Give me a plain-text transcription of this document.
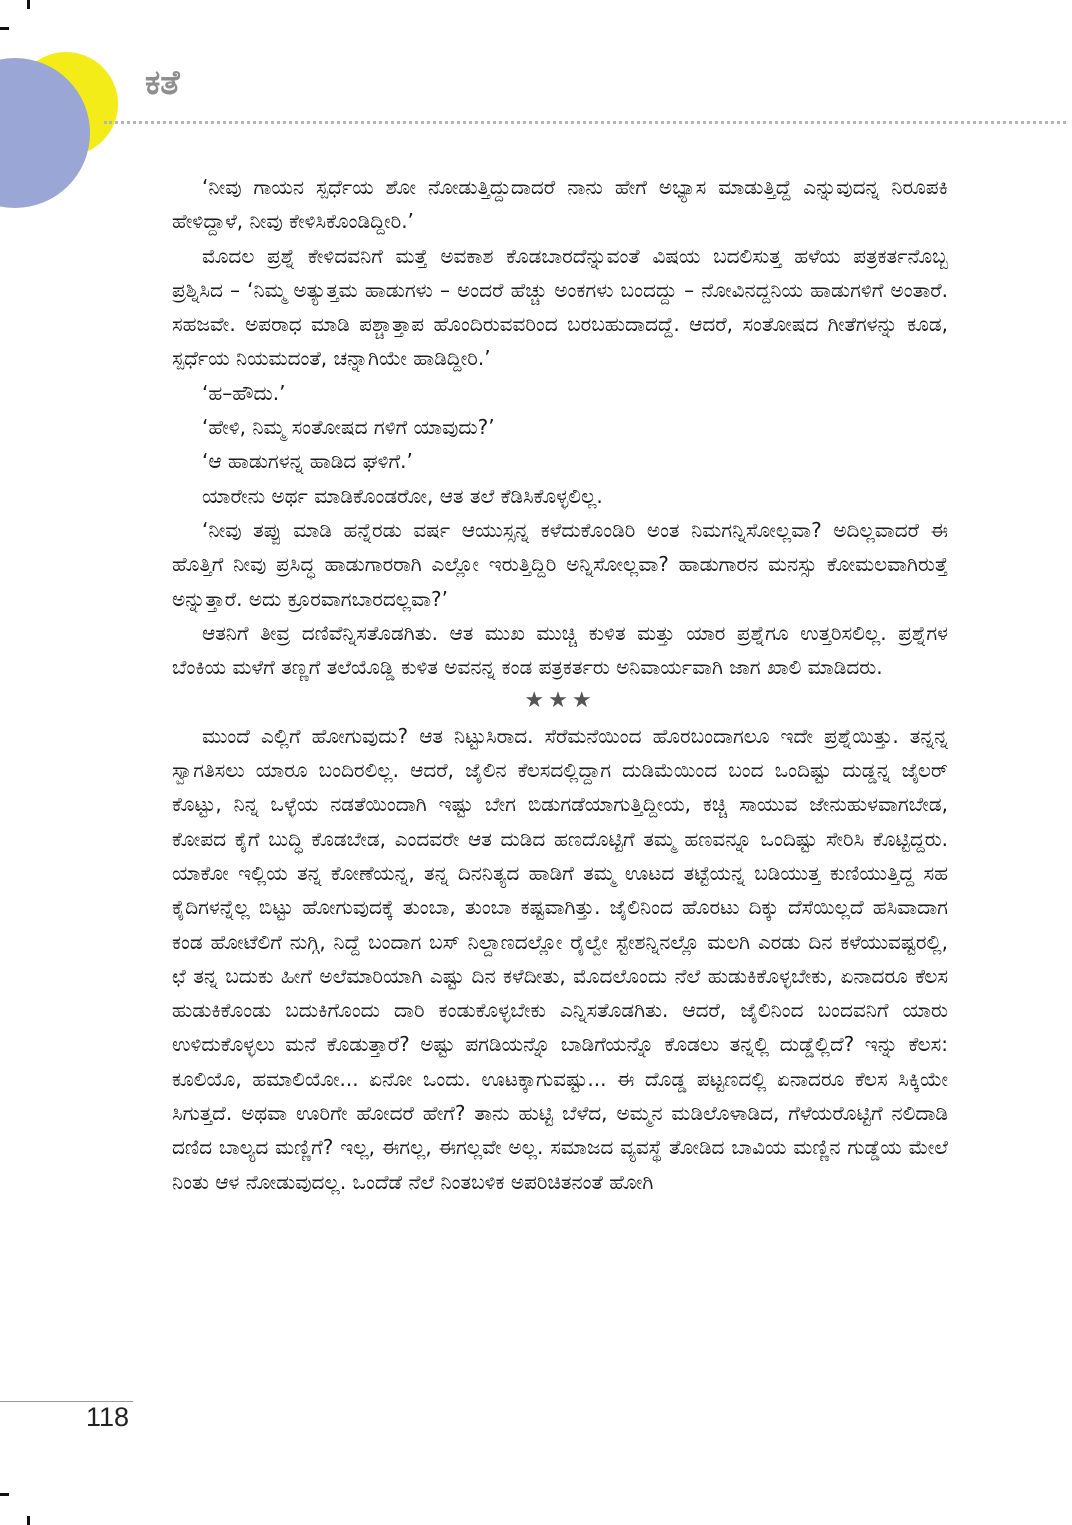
ಕತೆ

‘ನೀವು ಗಾಯನ ಸ್ಪರ್ಧೆಯ ಶೋ ನೋಡುತ್ತಿದ್ದುದಾದರೆ ನಾನು ಹೇಗೆ ಅಭ್ಯಾಸ ಮಾಡುತ್ತಿದ್ದೆ ಎನ್ನುವುದನ್ನ ನಿರೂಪಕಿ ಹೇಳಿದ್ದಾಳೆ, ನೀವು ಕೇಳಿಸಿಕೊಂಡಿದ್ದೀರಿ.’

ಮೊದಲ ಪ್ರಶ್ನೆ ಕೇಳಿದವನಿಗೆ ಮತ್ತೆ ಅವಕಾಶ ಕೊಡಬಾರದೆನ್ನುವಂತೆ ವಿಷಯ ಬದಲಿಸುತ್ತ ಹಳೆಯ ಪತ್ರಕರ್ತನೊಬ್ಬ ಪ್ರಶ್ನಿಸಿದ – ‘ನಿಮ್ಮ ಅತ್ಯುತ್ತಮ ಹಾಡುಗಳು – ಅಂದರೆ ಹೆಚ್ಚು ಅಂಕಗಳು ಬಂದದ್ದು – ನೋವಿನದ್ದನಿಯ ಹಾಡುಗಳಿಗೆ ಅಂತಾರೆ. ಸಹಜವೇ. ಅಪರಾಧ ಮಾಡಿ ಪಶ್ಚಾತ್ತಾಪ ಹೊಂದಿರುವವರಿಂದ ಬರಬಹುದಾದದ್ದೆ. ಆದರೆ, ಸಂತೋಷದ ಗೀತೆಗಳನ್ನು ಕೂಡ, ಸ್ಪರ್ಧೆಯ ನಿಯಮದಂತೆ, ಚನ್ನಾಗಿಯೇ ಹಾಡಿದ್ದೀರಿ.’

‘ಹ–ಹೌದು.’

‘ಹೇಳಿ, ನಿಮ್ಮ ಸಂತೋಷದ ಗಳಿಗೆ ಯಾವುದು?’

‘ಆ ಹಾಡುಗಳನ್ನ ಹಾಡಿದ ಘಳಿಗೆ.’

ಯಾರೇನು ಅರ್ಥ ಮಾಡಿಕೊಂಡರೋ, ಆತ ತಲೆ ಕೆಡಿಸಿಕೊಳ್ಳಲಿಲ್ಲ.

‘ನೀವು ತಪ್ಪು ಮಾಡಿ ಹನ್ನೆರಡು ವರ್ಷ ಆಯುಸ್ಸನ್ನ ಕಳೆದುಕೊಂಡಿರಿ ಅಂತ ನಿಮಗನ್ನಿಸೋಲ್ಲವಾ? ಅದಿಲ್ಲವಾದರೆ ಈ ಹೊತ್ತಿಗೆ ನೀವು ಪ್ರಸಿದ್ಧ ಹಾಡುಗಾರರಾಗಿ ಎಲ್ಲೋ ಇರುತ್ತಿದ್ದಿರಿ ಅನ್ನಿಸೋಲ್ಲವಾ? ಹಾಡುಗಾರನ ಮನಸ್ಸು ಕೋಮಲವಾಗಿರುತ್ತೆ ಅನ್ನುತ್ತಾರೆ. ಅದು ಕ್ರೂರವಾಗಬಾರದಲ್ಲವಾ?’

ಆತನಿಗೆ ತೀವ್ರ ದಣಿವೆನ್ನಿಸತೊಡಗಿತು. ಆತ ಮುಖ ಮುಚ್ಚಿ ಕುಳಿತ ಮತ್ತು ಯಾರ ಪ್ರಶ್ನೆಗೂ ಉತ್ತರಿಸಲಿಲ್ಲ. ಪ್ರಶ್ನೆಗಳ ಬೆಂಕಿಯ ಮಳೆಗೆ ತಣ್ಣಗೆ ತಲೆಯೊಡ್ಡಿ ಕುಳಿತ ಅವನನ್ನ ಕಂಡ ಪತ್ರಕರ್ತರು ಅನಿವಾರ್ಯವಾಗಿ ಜಾಗ ಖಾಲಿ ಮಾಡಿದರು.

★★★

ಮುಂದೆ ಎಲ್ಲಿಗೆ ಹೋಗುವುದು? ಆತ ನಿಟ್ಟುಸಿರಾದ. ಸೆರೆಮನೆಯಿಂದ ಹೊರಬಂದಾಗಲೂ ಇದೇ ಪ್ರಶ್ನೆಯಿತ್ತು. ತನ್ನನ್ನ ಸ್ವಾಗತಿಸಲು ಯಾರೂ ಬಂದಿರಲಿಲ್ಲ. ಆದರೆ, ಜೈಲಿನ ಕೆಲಸದಲ್ಲಿದ್ದಾಗ ದುಡಿಮೆಯಿಂದ ಬಂದ ಒಂದಿಷ್ಟು ದುಡ್ಡನ್ನ ಜೈಲರ್ ಕೊಟ್ಟು, ನಿನ್ನ ಒಳ್ಳೆಯ ನಡತೆಯಿಂದಾಗಿ ಇಷ್ಟು ಬೇಗ ಬಿಡುಗಡೆಯಾಗುತ್ತಿದ್ದೀಯ, ಕಚ್ಚಿ ಸಾಯುವ ಜೇನುಹುಳವಾಗಬೇಡ, ಕೋಪದ ಕೈಗೆ ಬುದ್ಧಿ ಕೊಡಬೇಡ, ಎಂದವರೇ ಆತ ದುಡಿದ ಹಣದೊಟ್ಟಿಗೆ ತಮ್ಮ ಹಣವನ್ನೂ ಒಂದಿಷ್ಟು ಸೇರಿಸಿ ಕೊಟ್ಟಿದ್ದರು. ಯಾಕೋ ಇಲ್ಲಿಯ ತನ್ನ ಕೋಣೆಯನ್ನ, ತನ್ನ ದಿನನಿತ್ಯದ ಹಾಡಿಗೆ ತಮ್ಮ ಊಟದ ತಟ್ಟೆಯನ್ನ ಬಡಿಯುತ್ತ ಕುಣಿಯುತ್ತಿದ್ದ ಸಹ ಕೈದಿಗಳನ್ನೆಲ್ಲ ಬಿಟ್ಟು ಹೋಗುವುದಕ್ಕೆ ತುಂಬಾ, ತುಂಬಾ ಕಷ್ಟವಾಗಿತ್ತು. ಜೈಲಿನಿಂದ ಹೊರಟು ದಿಕ್ಕು ದೆಸೆಯಿಲ್ಲದೆ ಹಸಿವಾದಾಗ ಕಂಡ ಹೋಟೆಲಿಗೆ ನುಗ್ಗಿ, ನಿದ್ದೆ ಬಂದಾಗ ಬಸ್ ನಿಲ್ದಾಣದಲ್ಲೋ ರೈಲ್ವೇ ಸ್ಟೇಶನ್ನಿನಲ್ಲೊ ಮಲಗಿ ಎರಡು ದಿನ ಕಳೆಯುವಷ್ಟರಲ್ಲಿ, ಛೆ ತನ್ನ ಬದುಕು ಹೀಗೆ ಅಲೆಮಾರಿಯಾಗಿ ಎಷ್ಟು ದಿನ ಕಳೆದೀತು, ಮೊದಲೊಂದು ನೆಲೆ ಹುಡುಕಿಕೊಳ್ಳಬೇಕು, ಏನಾದರೂ ಕೆಲಸ ಹುಡುಕಿಕೊಂಡು ಬದುಕಿಗೊಂದು ದಾರಿ ಕಂಡುಕೊಳ್ಳಬೇಕು ಎನ್ನಿಸತೊಡಗಿತು. ಆದರೆ, ಜೈಲಿನಿಂದ ಬಂದವನಿಗೆ ಯಾರು ಉಳಿದುಕೊಳ್ಳಲು ಮನೆ ಕೊಡುತ್ತಾರೆ? ಅಷ್ಟು ಪಗಡಿಯನ್ನೊ ಬಾಡಿಗೆಯನ್ನೊ ಕೊಡಲು ತನ್ನಲ್ಲಿ ದುಡ್ಡೆಲ್ಲಿದೆ? ಇನ್ನು ಕೆಲಸ: ಕೂಲಿಯೊ, ಹಮಾಲಿಯೋ... ಏನೋ ಒಂದು. ಊಟಕ್ಕಾಗುವಷ್ಟು... ಈ ದೊಡ್ಡ ಪಟ್ಟಣದಲ್ಲಿ ಏನಾದರೂ ಕೆಲಸ ಸಿಕ್ಕಿಯೇ ಸಿಗುತ್ತದೆ. ಅಥವಾ ಊರಿಗೇ ಹೋದರೆ ಹೇಗೆ? ತಾನು ಹುಟ್ಟಿ ಬೆಳೆದ, ಅಮ್ಮನ ಮಡಿಲೊಳಾಡಿದ, ಗೆಳೆಯರೊಟ್ಟಿಗೆ ನಲಿದಾಡಿ ದಣಿದ ಬಾಲ್ಯದ ಮಣ್ಣಿಗೆ? ಇಲ್ಲ, ಈಗಲ್ಲ, ಈಗಲ್ಲವೇ ಅಲ್ಲ. ಸಮಾಜದ ವ್ಯವಸ್ಥೆ ತೋಡಿದ ಬಾವಿಯ ಮಣ್ಣಿನ ಗುಡ್ಡೆಯ ಮೇಲೆ ನಿಂತು ಆಳ ನೋಡುವುದಲ್ಲ. ಒಂದೆಡೆ ನೆಲೆ ನಿಂತಬಳಿಕ ಅಪರಿಚಿತನಂತೆ ಹೋಗಿ

118
